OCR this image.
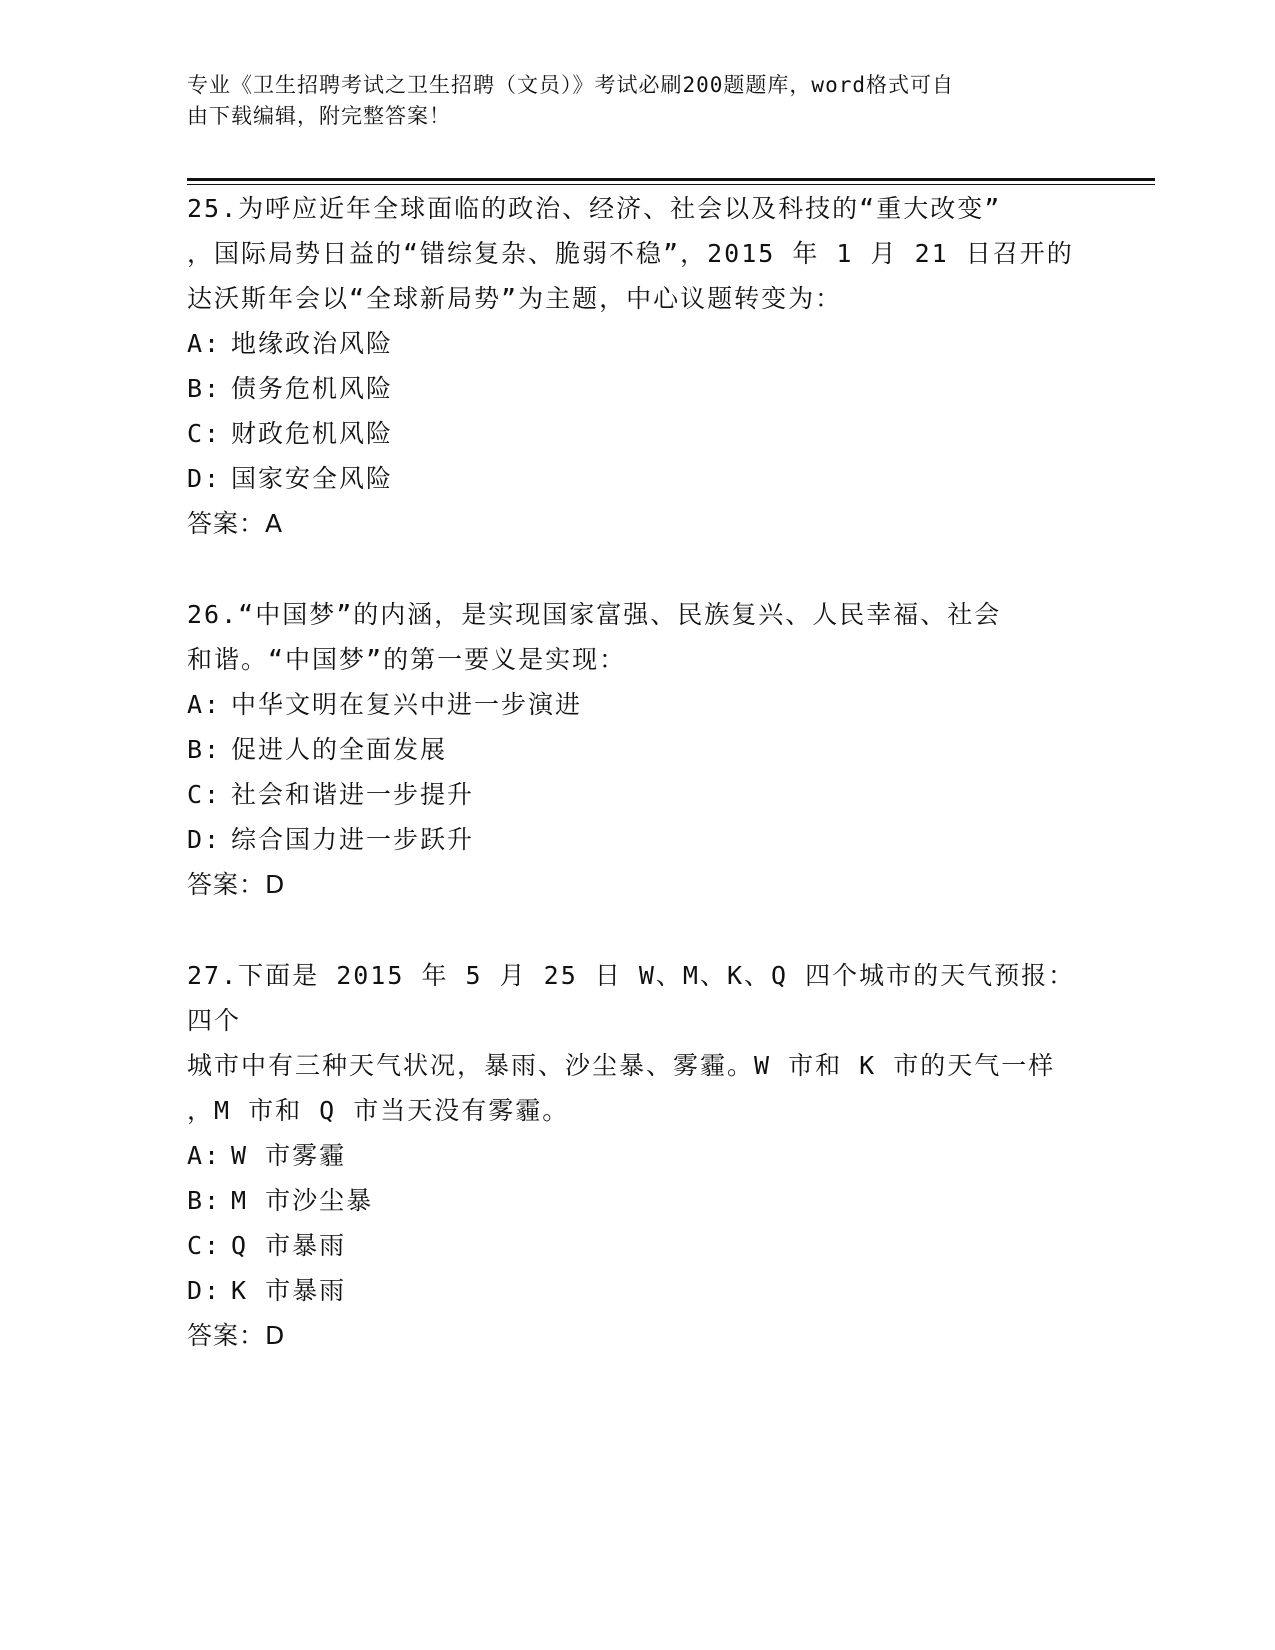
专业《卫生招聘考试之卫生招聘（文员）》考试必刷200题题库，word格式可自
由下载编辑，附完整答案！
25.为呼应近年全球面临的政治、经济、社会以及科技的“重大改变”
，国际局势日益的“错综复杂、脆弱不稳”，2015 年 1 月 21 日召开的
达沃斯年会以“全球新局势”为主题，中心议题转变为：
A: 地缘政治风险
B: 债务危机风险
C: 财政危机风险
D: 国家安全风险
答案：A
26.“中国梦”的内涵，是实现国家富强、民族复兴、人民幸福、社会
和谐。“中国梦”的第一要义是实现：
A: 中华文明在复兴中进一步演进
B: 促进人的全面发展
C: 社会和谐进一步提升
D: 综合国力进一步跃升
答案：D
27.下面是 2015 年 5 月 25 日 W、M、K、Q 四个城市的天气预报：四个
城市中有三种天气状况，暴雨、沙尘暴、雾霾。W 市和 K 市的天气一样
，M 市和 Q 市当天没有雾霾。
A: W 市雾霾
B: M 市沙尘暴
C: Q 市暴雨
D: K 市暴雨
答案：D
